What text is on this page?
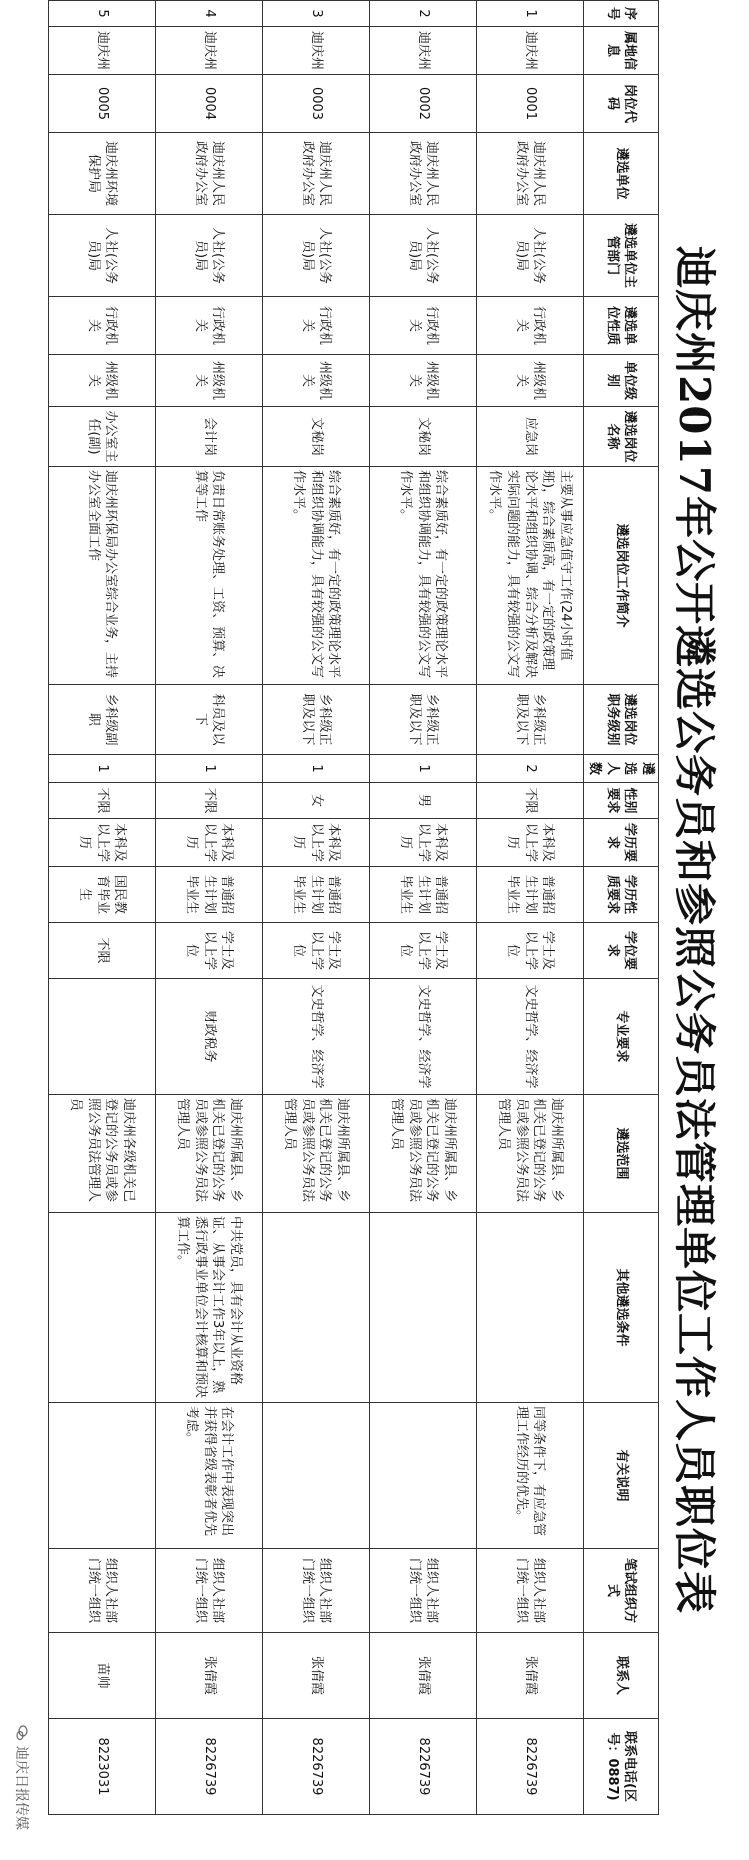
迪庆州2017年公开遴选公务员和参照公务员法管理单位工作人员职位表
序号	属地信息	岗位代码	遴选单位	遴选单位主管部门	遴选单位性质	单位级别	遴选岗位名称	遴选岗位工作简介	遴选岗位职务级别	遴选人数	性别要求	学历要求	学历性质要求	学位要求	专业要求	遴选范围	其他遴选条件	有关说明	笔试组织方式	联系人	联系电话(区号：0887)
1	迪庆州	0001	迪庆州人民政府办公室	人社(公务员)局	行政机关	州级机关	应急岗	主要从事应急值守工作(24小时值班)，综合素质高，有一定的政策理论水平和组织协调、综合分析及解决实际问题的能力，具有较强的公文写作水平。	乡科级正职及以下	2	不限	本科及以上学历	普通招生计划毕业生	学士及以上学位	文史哲学、经济学	迪庆州所属县、乡机关已登记的公务员或参照公务员法管理人员		同等条件下，有应急管理工作经历的优先。	组织人社部门统一组织	张倩霞	8226739
2	迪庆州	0002	迪庆州人民政府办公室	人社(公务员)局	行政机关	州级机关	文秘岗	综合素质好，有一定的政策理论水平和组织协调能力，具有较强的公文写作水平。	乡科级正职及以下	1	男	本科及以上学历	普通招生计划毕业生	学士及以上学位	文史哲学、经济学	迪庆州所属县、乡机关已登记的公务员或参照公务员法管理人员			组织人社部门统一组织	张倩霞	8226739
3	迪庆州	0003	迪庆州人民政府办公室	人社(公务员)局	行政机关	州级机关	文秘岗	综合素质好，有一定的政策理论水平和组织协调能力，具有较强的公文写作水平。	乡科级正职及以下	1	女	本科及以上学历	普通招生计划毕业生	学士及以上学位	文史哲学、经济学	迪庆州所属县、乡机关已登记的公务员或参照公务员法管理人员			组织人社部门统一组织	张倩霞	8226739
4	迪庆州	0004	迪庆州人民政府办公室	人社(公务员)局	行政机关	州级机关	会计岗	负责日常账务处理、工资、预算、决算等工作	科员及以下	1	不限	本科及以上学历	普通招生计划毕业生	学士及以上学位	财政税务	迪庆州所属县、乡机关已登记的公务员或参照公务员法管理人员	中共党员，具有会计从业资格证、从事会计工作3年以上，熟悉行政事业单位会计核算和预决算工作。	在会计工作中表现突出并获得省级表彰者优先考虑。	组织人社部门统一组织	张倩霞	8226739
5	迪庆州	0005	迪庆州环境保护局	人社(公务员)局	行政机关	州级机关	办公室主任(副)	迪庆州环保局办公室综合业务，主持办公室全面工作	乡科级副职	1	不限	本科及以上学历	国民教育毕业生	不限		迪庆州各级机关已登记的公务员或参照公务员法管理人员			组织人社部门统一组织	苗帅	8223031
迪庆日报传媒
